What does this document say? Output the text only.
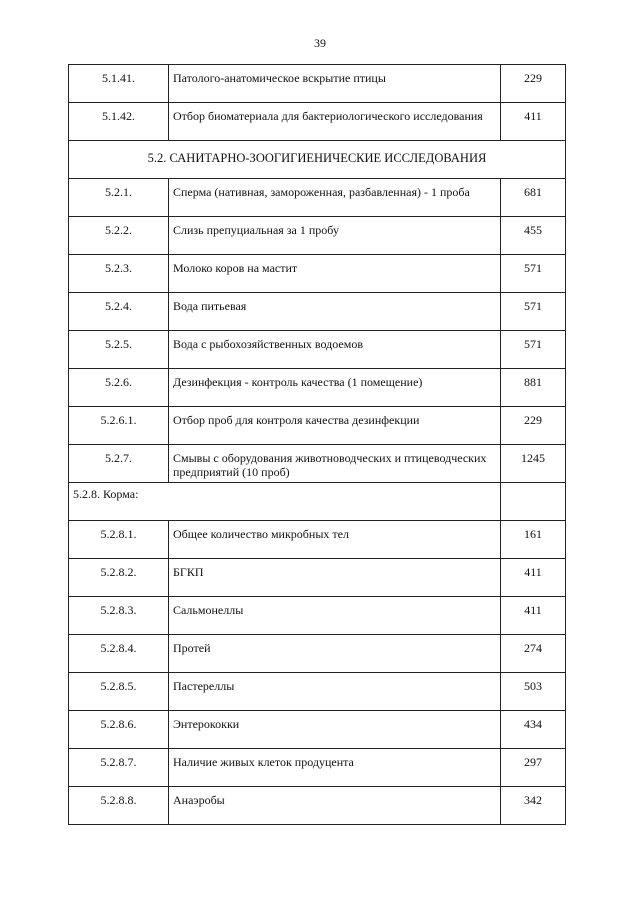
39
5.1.41.	Патолого-анатомическое вскрытие птицы	229
5.1.42.	Отбор биоматериала для бактериологического исследования	411
5.2. САНИТАРНО-ЗООГИГИЕНИЧЕСКИЕ ИССЛЕДОВАНИЯ		
5.2.1.	Сперма (нативная, замороженная, разбавленная) - 1 проба	681
5.2.2.	Слизь препуциальная за 1 пробу	455
5.2.3.	Молоко коров на мастит	571
5.2.4.	Вода питьевая	571
5.2.5.	Вода с рыбохозяйственных водоемов	571
5.2.6.	Дезинфекция - контроль качества (1 помещение)	881
5.2.6.1.	Отбор проб для контроля качества дезинфекции	229
5.2.7.	Смывы с оборудования животноводческих и птицеводческих предприятий (10 проб)	1245
5.2.8. Корма:		
5.2.8.1.	Общее количество микробных тел	161
5.2.8.2.	БГКП	411
5.2.8.3.	Сальмонеллы	411
5.2.8.4.	Протей	274
5.2.8.5.	Пастереллы	503
5.2.8.6.	Энтерококки	434
5.2.8.7.	Наличие живых клеток продуцента	297
5.2.8.8.	Анаэробы	342
